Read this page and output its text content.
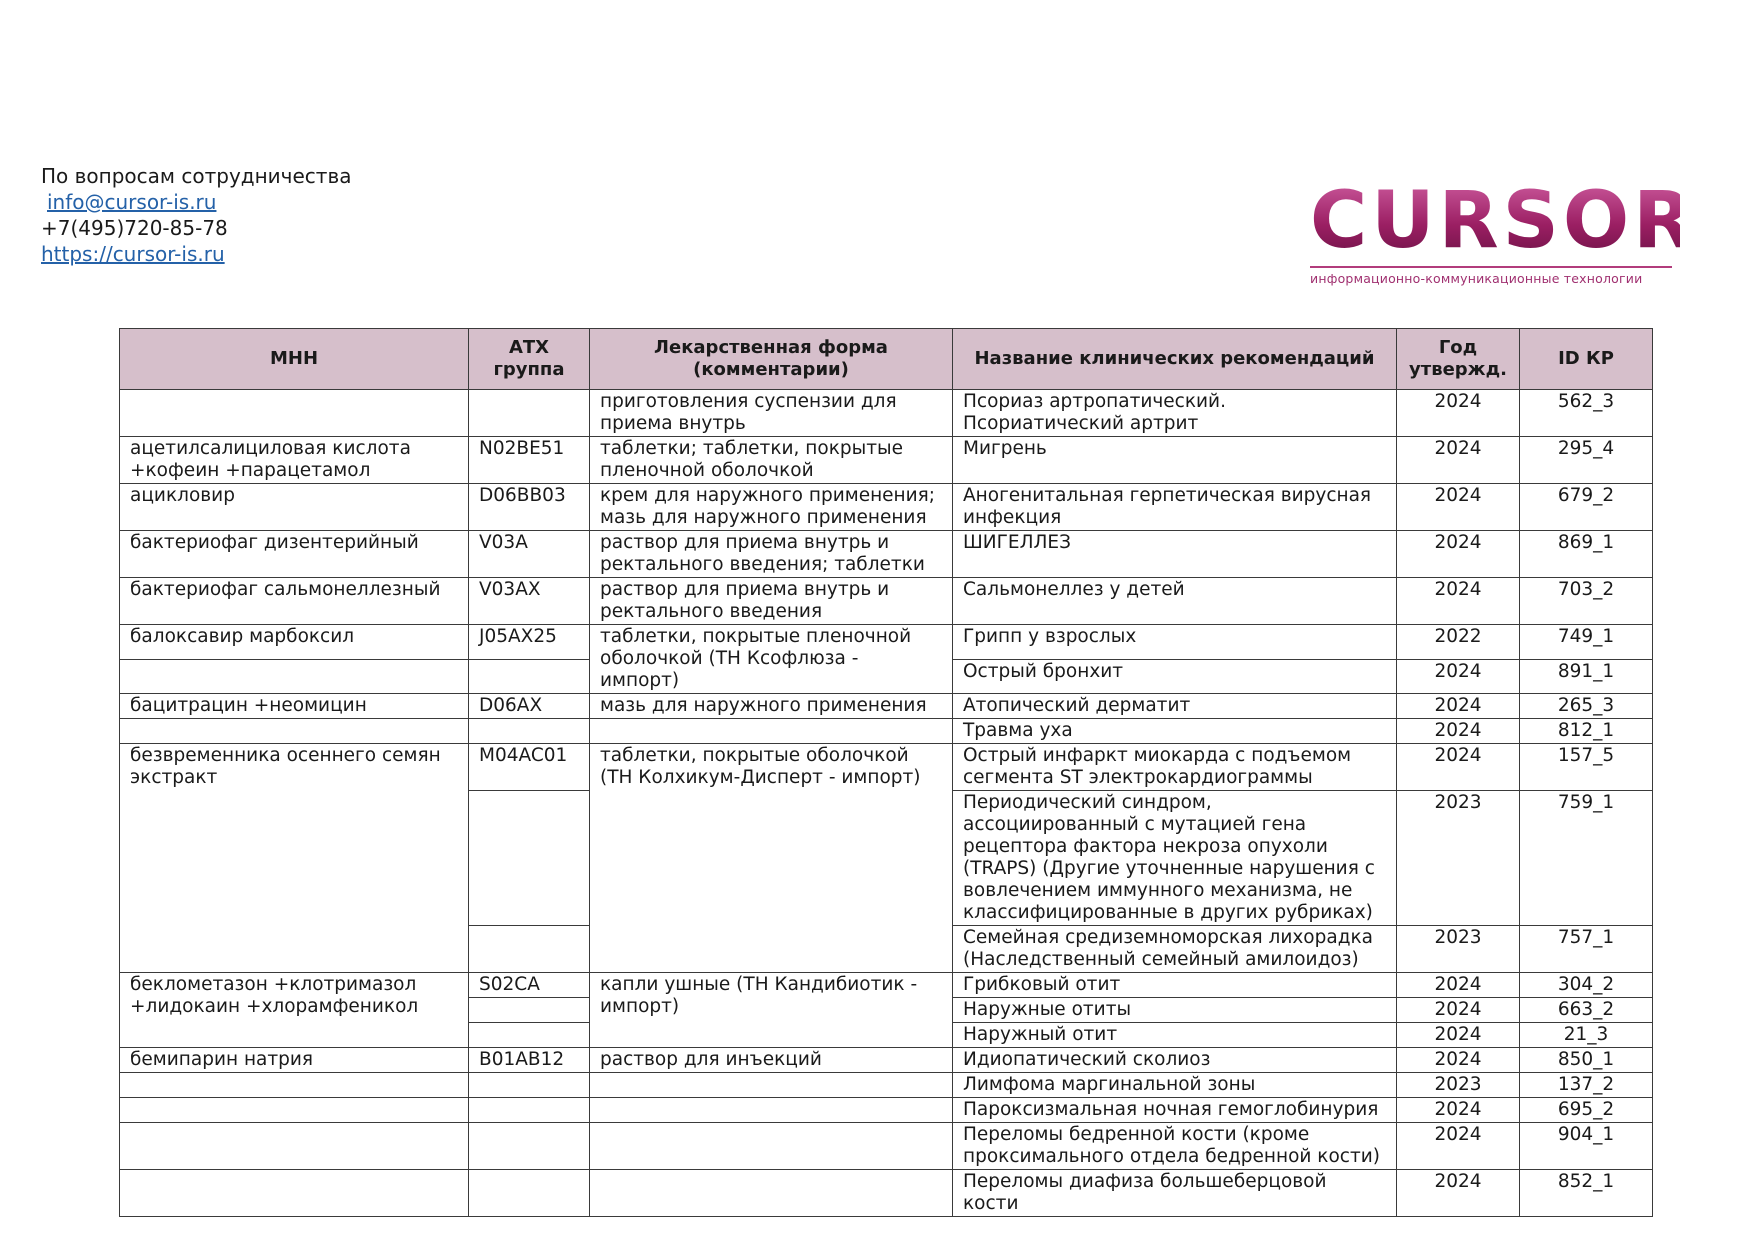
По вопросам сотрудничества
info@cursor-is.ru
+7(495)720-85-78
https://cursor-is.ru	CURSOR
информационно-коммуникационные технологии
МНН	АТХ группа	Лекарственная форма (комментарии)	Название клинических рекомендаций	Год утвержд.	ID КР
		приготовления суспензии для приема внутрь	Псориаз артропатический. Псориатический артрит	2024	562_3
ацетилсалициловая кислота +кофеин +парацетамол	N02BE51	таблетки; таблетки, покрытые пленочной оболочкой	Мигрень	2024	295_4
ацикловир	D06BB03	крем для наружного применения; мазь для наружного применения	Аногенитальная герпетическая вирусная инфекция	2024	679_2
бактериофаг дизентерийный	V03A	раствор для приема внутрь и ректального введения; таблетки	ШИГЕЛЛЕЗ	2024	869_1
бактериофаг сальмонеллезный	V03AX	раствор для приема внутрь и ректального введения	Сальмонеллез у детей	2024	703_2
балоксавир марбоксил	J05AX25	таблетки, покрытые пленочной оболочкой (ТН Ксофлюза - импорт)	Грипп у взрослых	2022	749_1
			Острый бронхит	2024	891_1
бацитрацин +неомицин	D06AX	мазь для наружного применения	Атопический дерматит	2024	265_3
			Травма уха	2024	812_1
безвременника осеннего семян экстракт	M04AC01	таблетки, покрытые оболочкой (ТН Колхикум-Дисперт - импорт)	Острый инфаркт миокарда с подъемом сегмента ST электрокардиограммы	2024	157_5
			Периодический синдром, ассоциированный с мутацией гена рецептора фактора некроза опухоли (TRAPS) (Другие уточненные нарушения с вовлечением иммунного механизма, не классифицированные в других рубриках)	2023	759_1
			Семейная средиземноморская лихорадка (Наследственный семейный амилоидоз)	2023	757_1
беклометазон +клотримазол +лидокаин +хлорамфеникол	S02CA	капли ушные (ТН Кандибиотик - импорт)	Грибковый отит	2024	304_2
			Наружные отиты	2024	663_2
			Наружный отит	2024	21_3
бемипарин натрия	B01AB12	раствор для инъекций	Идиопатический сколиоз	2024	850_1
			Лимфома маргинальной зоны	2023	137_2
			Пароксизмальная ночная гемоглобинурия	2024	695_2
			Переломы бедренной кости (кроме проксимального отдела бедренной кости)	2024	904_1
			Переломы диафиза большеберцовой кости	2024	852_1
